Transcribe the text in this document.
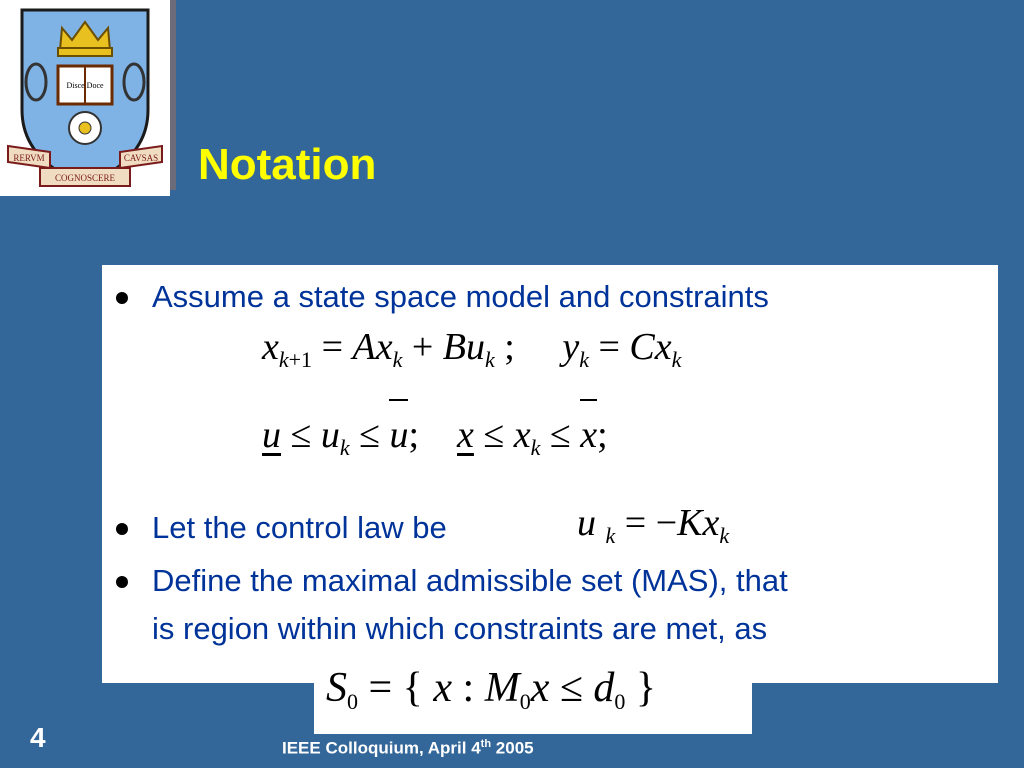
Disce Doce
RERVM
COGNOSCERE
CAVSAS Notation
Assume a state space model and constraints
$x_{k+1} = Ax_k + Bu_k$ ;     $y_k = Cx_k$
$u \le u_k \le u$;    $x \le x_k \le x$;
Let the control law be	u $_k = -Kx_k$
Define the maximal admissible set (MAS), that
is region within which constraints are met, as
$S_0$ = { x : $M_0x \le d_0$ }
4	IEEE Colloquium, April 4th 2005
